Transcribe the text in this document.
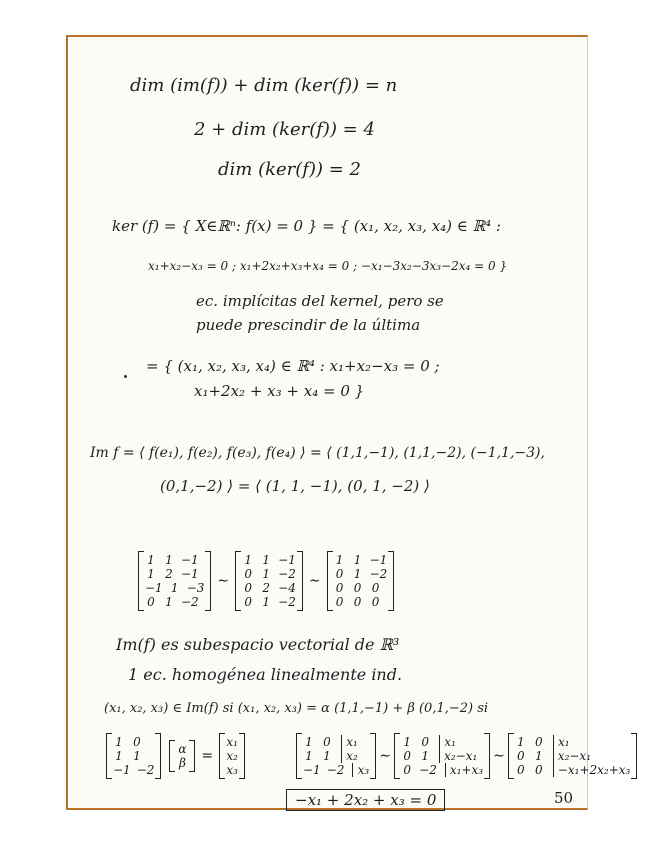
dim (im(f)) + dim (ker(f)) = n
2 + dim (ker(f)) = 4
dim (ker(f)) = 2
ker (f) = { X∈ℝⁿ: f(x) = 0 } = { (x₁, x₂, x₃, x₄) ∈ ℝ⁴ :
x₁+x₂−x₃ = 0 ; x₁+2x₂+x₃+x₄ = 0 ; −x₁−3x₂−3x₃−2x₄ = 0 }
ec. implícitas del kernel, pero se
puede prescindir de la última
= { (x₁, x₂, x₃, x₄) ∈ ℝ⁴ : x₁+x₂−x₃ = 0 ;
x₁+2x₂ + x₃ + x₄ = 0 }
Im f = ⟨ f(e₁), f(e₂), f(e₃), f(e₄) ⟩ = ⟨ (1,1,−1), (1,1,−2), (−1,1,−3),
(0,1,−2) ⟩ = ⟨ (1, 1, −1), (0, 1, −2) ⟩
1 1 −1
1 2 −1
−1 1 −3
0 1 −2
∼
1 1 −1
0 1 −2
0 2 −4
0 1 −2
∼
1 1 −1
0 1 −2
0 0 0
0 0 0
Im(f) es subespacio vectorial de ℝ³
1 ec. homogénea linealmente ind.
(x₁, x₂, x₃) ∈ Im(f) si (x₁, x₂, x₃) = α (1,1,−1) + β (0,1,−2) si
1 0
1 1
−1 −2
α
β =
x₁
x₂
x₃
1 0	x₁
1 1	x₂
−1 −2	x₃
∼
1 0	x₁
0 1	x₂−x₁
0 −2	x₁+x₃
∼
1 0	x₁
0 1	x₂−x₁
0 0	−x₁+2x₂+x₃
−x₁ + 2x₂ + x₃ = 0	50
